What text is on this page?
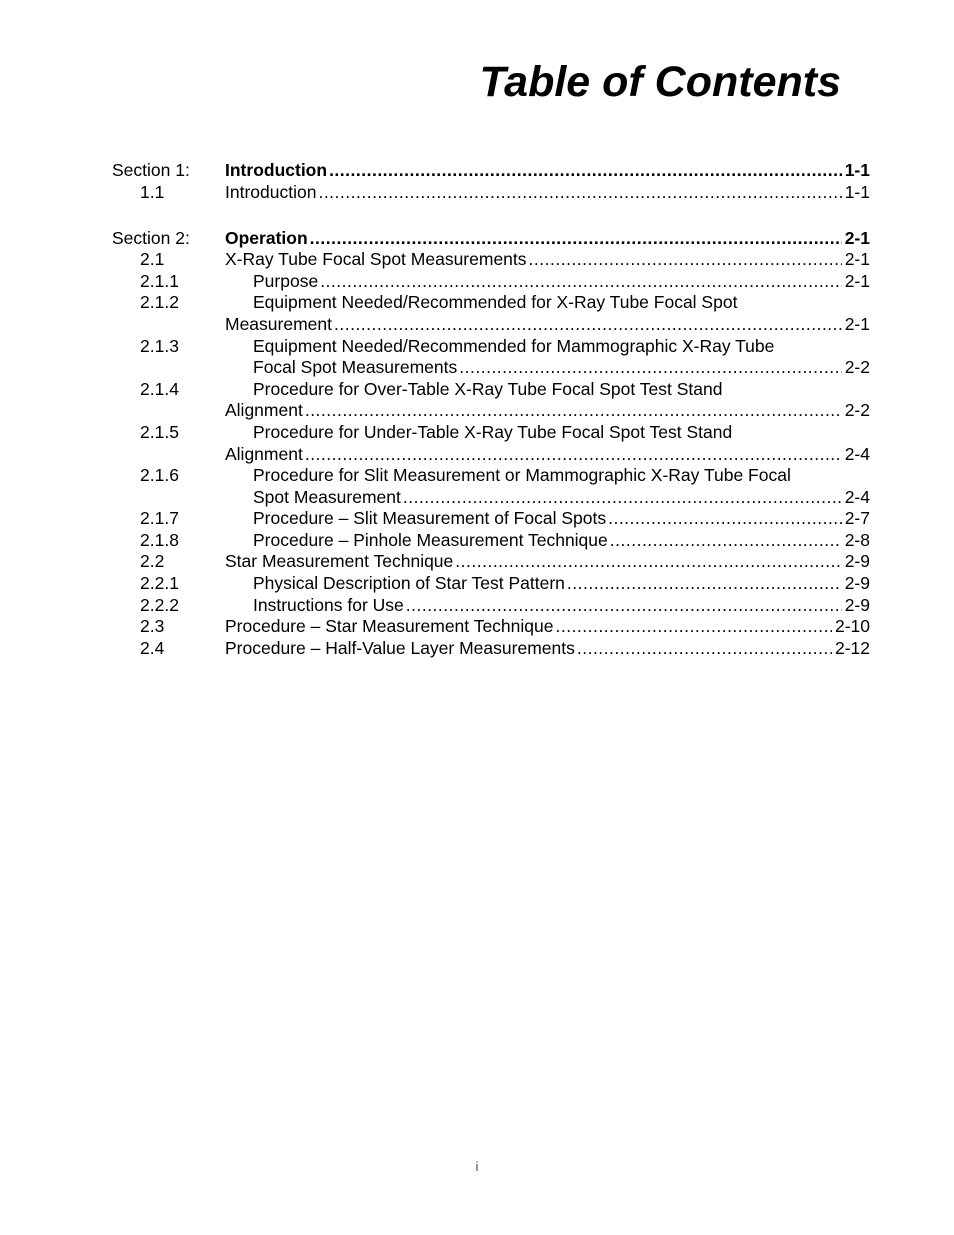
Table of Contents
Section 1: Introduction .....	1-1
1.1	Introduction .....	1-1
Section 2: Operation .....	2-1
2.1	X-Ray Tube Focal Spot Measurements .....	2-1
2.1.1	Purpose .....	2-1
2.1.2	Equipment Needed/Recommended for X-Ray Tube Focal Spot
Measurement .....	2-1
2.1.3	Equipment Needed/Recommended for Mammographic X-Ray Tube
Focal Spot Measurements .....	2-2
2.1.4	Procedure for Over-Table X-Ray Tube Focal Spot Test Stand
Alignment .....	2-2
2.1.5	Procedure for Under-Table X-Ray Tube Focal Spot Test Stand
Alignment .....	2-4
2.1.6	Procedure for Slit Measurement or Mammographic X-Ray Tube Focal
Spot Measurement .....	2-4
2.1.7	Procedure – Slit Measurement of Focal Spots .....	2-7
2.1.8	Procedure – Pinhole Measurement Technique .....	2-8
2.2	Star Measurement Technique .....	2-9
2.2.1	Physical Description of Star Test Pattern .....	2-9
2.2.2	Instructions for Use .....	2-9
2.3	Procedure – Star Measurement Technique .....	2-10
2.4	Procedure – Half-Value Layer Measurements .....	2-12
i
